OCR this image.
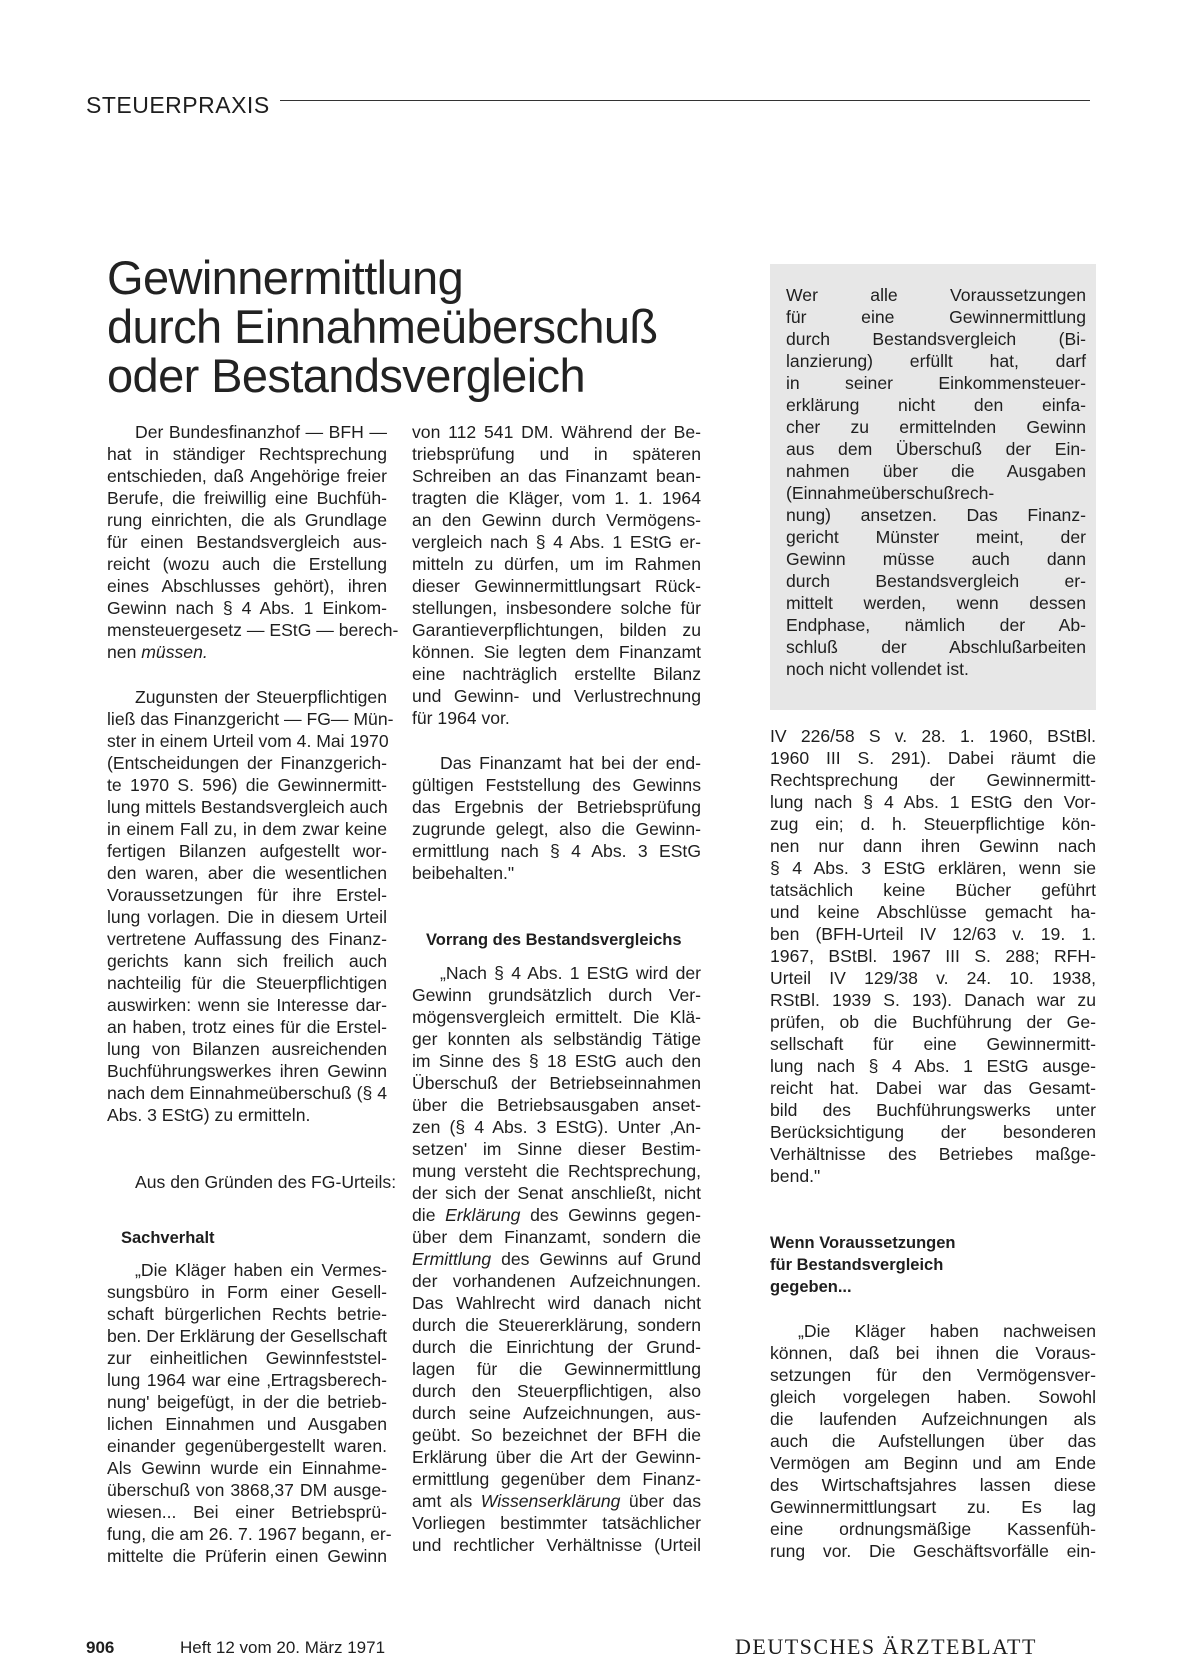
STEUERPRAXIS
Gewinnermittlung
durch Einnahmeüberschuß
oder Bestandsvergleich
Wer alle Voraussetzungen
für eine Gewinnermittlung
durch Bestandsvergleich (Bi-
lanzierung) erfüllt hat, darf
in seiner Einkommensteuer-
erklärung nicht den einfa-
cher zu ermittelnden Gewinn
aus dem Überschuß der Ein-
nahmen über die Ausgaben
(Einnahmeüberschußrech-
nung) ansetzen. Das Finanz-
gericht Münster meint, der
Gewinn müsse auch dann
durch Bestandsvergleich er-
mittelt werden, wenn dessen
Endphase, nämlich der Ab-
schluß der Abschlußarbeiten
noch nicht vollendet ist.

Der Bundesfinanzhof — BFH —
hat in ständiger Rechtsprechung
entschieden, daß Angehörige freier
Berufe, die freiwillig eine Buchfüh-
rung einrichten, die als Grundlage
für einen Bestandsvergleich aus-
reicht (wozu auch die Erstellung
eines Abschlusses gehört), ihren
Gewinn nach § 4 Abs. 1 Einkom-
mensteuergesetz — EStG — berech-
nen müssen.

Zugunsten der Steuerpflichtigen
ließ das Finanzgericht — FG— Mün-
ster in einem Urteil vom 4. Mai 1970
(Entscheidungen der Finanzgerich-
te 1970 S. 596) die Gewinnermitt-
lung mittels Bestandsvergleich auch
in einem Fall zu, in dem zwar keine
fertigen Bilanzen aufgestellt wor-
den waren, aber die wesentlichen
Voraussetzungen für ihre Erstel-
lung vorlagen. Die in diesem Urteil
vertretene Auffassung des Finanz-
gerichts kann sich freilich auch
nachteilig für die Steuerpflichtigen
auswirken: wenn sie Interesse dar-
an haben, trotz eines für die Erstel-
lung von Bilanzen ausreichenden
Buchführungswerkes ihren Gewinn
nach dem Einnahmeüberschuß (§ 4
Abs. 3 EStG) zu ermitteln.

Aus den Gründen des FG-Urteils:

Sachverhalt

„Die Kläger haben ein Vermes-
sungsbüro in Form einer Gesell-
schaft bürgerlichen Rechts betrie-
ben. Der Erklärung der Gesellschaft
zur einheitlichen Gewinnfeststel-
lung 1964 war eine ‚Ertragsberech-
nung' beigefügt, in der die betrieb-
lichen Einnahmen und Ausgaben
einander gegenübergestellt waren.
Als Gewinn wurde ein Einnahme-
überschuß von 3868,37 DM ausge-
wiesen... Bei einer Betriebsprü-
fung, die am 26. 7. 1967 begann, er-
mittelte die Prüferin einen Gewinn

von 112 541 DM. Während der Be-
triebsprüfung und in späteren
Schreiben an das Finanzamt bean-
tragten die Kläger, vom 1. 1. 1964
an den Gewinn durch Vermögens-
vergleich nach § 4 Abs. 1 EStG er-
mitteln zu dürfen, um im Rahmen
dieser Gewinnermittlungsart Rück-
stellungen, insbesondere solche für
Garantieverpflichtungen, bilden zu
können. Sie legten dem Finanzamt
eine nachträglich erstellte Bilanz
und Gewinn- und Verlustrechnung
für 1964 vor.

Das Finanzamt hat bei der end-
gültigen Feststellung des Gewinns
das Ergebnis der Betriebsprüfung
zugrunde gelegt, also die Gewinn-
ermittlung nach § 4 Abs. 3 EStG
beibehalten."

Vorrang des Bestandsvergleichs

„Nach § 4 Abs. 1 EStG wird der
Gewinn grundsätzlich durch Ver-
mögensvergleich ermittelt. Die Klä-
ger konnten als selbständig Tätige
im Sinne des § 18 EStG auch den
Überschuß der Betriebseinnahmen
über die Betriebsausgaben anset-
zen (§ 4 Abs. 3 EStG). Unter ‚An-
setzen' im Sinne dieser Bestim-
mung versteht die Rechtsprechung,
der sich der Senat anschließt, nicht
die Erklärung des Gewinns gegen-
über dem Finanzamt, sondern die
Ermittlung des Gewinns auf Grund
der vorhandenen Aufzeichnungen.
Das Wahlrecht wird danach nicht
durch die Steuererklärung, sondern
durch die Einrichtung der Grund-
lagen für die Gewinnermittlung
durch den Steuerpflichtigen, also
durch seine Aufzeichnungen, aus-
geübt. So bezeichnet der BFH die
Erklärung über die Art der Gewinn-
ermittlung gegenüber dem Finanz-
amt als Wissenserklärung über das
Vorliegen bestimmter tatsächlicher
und rechtlicher Verhältnisse (Urteil

IV 226/58 S v. 28. 1. 1960, BStBl.
1960 III S. 291). Dabei räumt die
Rechtsprechung der Gewinnermitt-
lung nach § 4 Abs. 1 EStG den Vor-
zug ein; d. h. Steuerpflichtige kön-
nen nur dann ihren Gewinn nach
§ 4 Abs. 3 EStG erklären, wenn sie
tatsächlich keine Bücher geführt
und keine Abschlüsse gemacht ha-
ben (BFH-Urteil IV 12/63 v. 19. 1.
1967, BStBl. 1967 III S. 288; RFH-
Urteil IV 129/38 v. 24. 10. 1938,
RStBl. 1939 S. 193). Danach war zu
prüfen, ob die Buchführung der Ge-
sellschaft für eine Gewinnermitt-
lung nach § 4 Abs. 1 EStG ausge-
reicht hat. Dabei war das Gesamt-
bild des Buchführungswerks unter
Berücksichtigung der besonderen
Verhältnisse des Betriebes maßge-
bend."

Wenn Voraussetzungen
für Bestandsvergleich
gegeben...

„Die Kläger haben nachweisen
können, daß bei ihnen die Voraus-
setzungen für den Vermögensver-
gleich vorgelegen haben. Sowohl
die laufenden Aufzeichnungen als
auch die Aufstellungen über das
Vermögen am Beginn und am Ende
des Wirtschaftsjahres lassen diese
Gewinnermittlungsart zu. Es lag
eine ordnungsmäßige Kassenfüh-
rung vor. Die Geschäftsvorfälle ein-

906	Heft 12 vom 20. März 1971	DEUTSCHES ÄRZTEBLATT
